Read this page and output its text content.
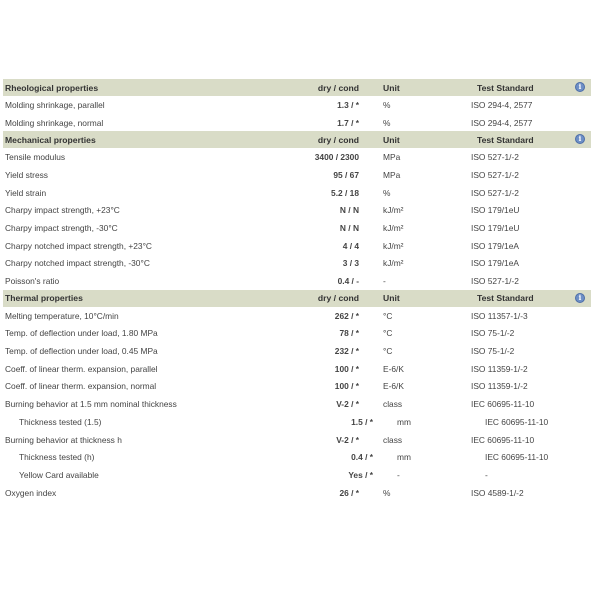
Rheological properties	dry / cond	Unit	Test Standard	i
Molding shrinkage, parallel	1.3 / *	%	ISO 294-4, 2577
Molding shrinkage, normal	1.7 / *	%	ISO 294-4, 2577
Mechanical properties	dry / cond	Unit	Test Standard	i
Tensile modulus	3400 / 2300	MPa	ISO 527-1/-2
Yield stress	95 / 67	MPa	ISO 527-1/-2
Yield strain	5.2 / 18	%	ISO 527-1/-2
Charpy impact strength, +23°C	N / N	kJ/m²	ISO 179/1eU
Charpy impact strength, -30°C	N / N	kJ/m²	ISO 179/1eU
Charpy notched impact strength, +23°C	4 / 4	kJ/m²	ISO 179/1eA
Charpy notched impact strength, -30°C	3 / 3	kJ/m²	ISO 179/1eA
Poisson's ratio	0.4 / -	-	ISO 527-1/-2
Thermal properties	dry / cond	Unit	Test Standard	i
Melting temperature, 10°C/min	262 / *	°C	ISO 11357-1/-3
Temp. of deflection under load, 1.80 MPa	78 / *	°C	ISO 75-1/-2
Temp. of deflection under load, 0.45 MPa	232 / *	°C	ISO 75-1/-2
Coeff. of linear therm. expansion, parallel	100 / *	E-6/K	ISO 11359-1/-2
Coeff. of linear therm. expansion, normal	100 / *	E-6/K	ISO 11359-1/-2
Burning behavior at 1.5 mm nominal thickness	V-2 / *	class	IEC 60695-11-10
Thickness tested (1.5)	1.5 / *	mm	IEC 60695-11-10
Burning behavior at thickness h	V-2 / *	class	IEC 60695-11-10
Thickness tested (h)	0.4 / *	mm	IEC 60695-11-10
Yellow Card available	Yes / *	-	-
Oxygen index	26 / *	%	ISO 4589-1/-2
